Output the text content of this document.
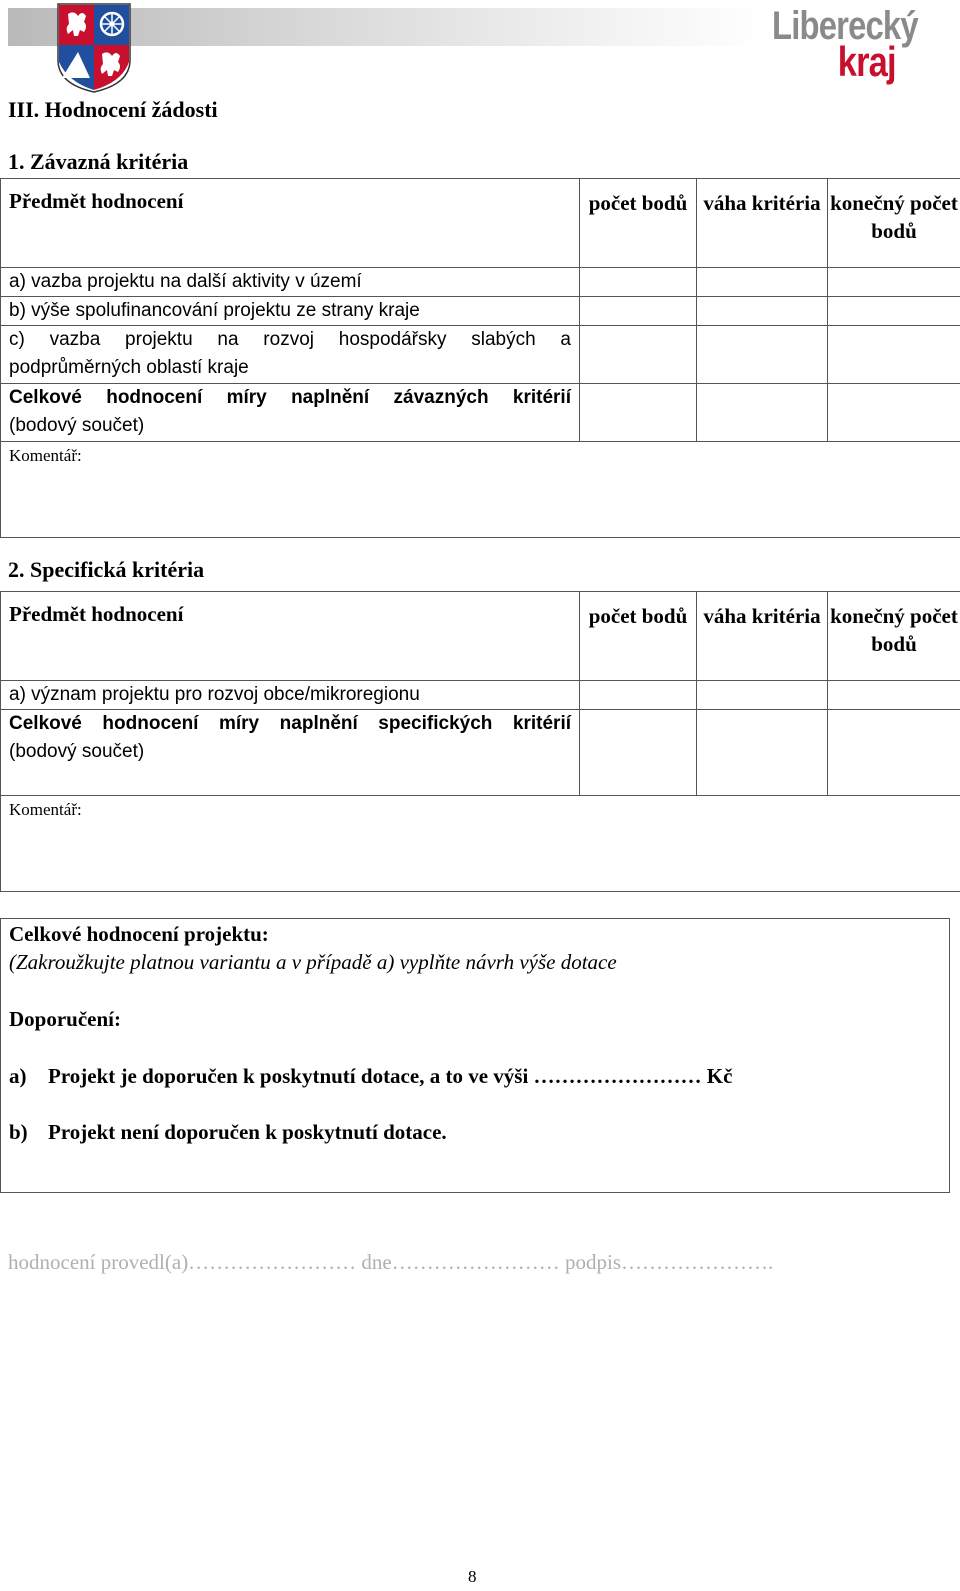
Liberecký
kraj
III. Hodnocení žádosti
1. Závazná kritéria
Předmět hodnocení	počet bodů	váha kritéria	konečný počet bodů
a) vazba projektu na další aktivity v území			
b) výše spolufinancování projektu ze strany kraje			
c) vazba projektu na rozvoj hospodářsky slabých a podprůměrných oblastí kraje			

Celkové hodnocení míry naplnění závazných kritérií
(bodový součet)			

Komentář:			
2. Specifická kritéria
Předmět hodnocení	počet bodů	váha kritéria	konečný počet bodů
a) význam projektu pro rozvoj obce/mikroregionu			

Celkové hodnocení míry naplnění specifických kritérií
(bodový součet)			

Komentář:			
Celkové hodnocení projektu:
(Zakroužkujte platnou variantu a v případě a) vyplňte návrh výše dotace
Doporučení:
a) Projekt je doporučen k poskytnutí dotace, a to ve výši …………………… Kč
b) Projekt není doporučen k poskytnutí dotace.
hodnocení provedl(a)…………………… dne…………………… podpis………………….
8
